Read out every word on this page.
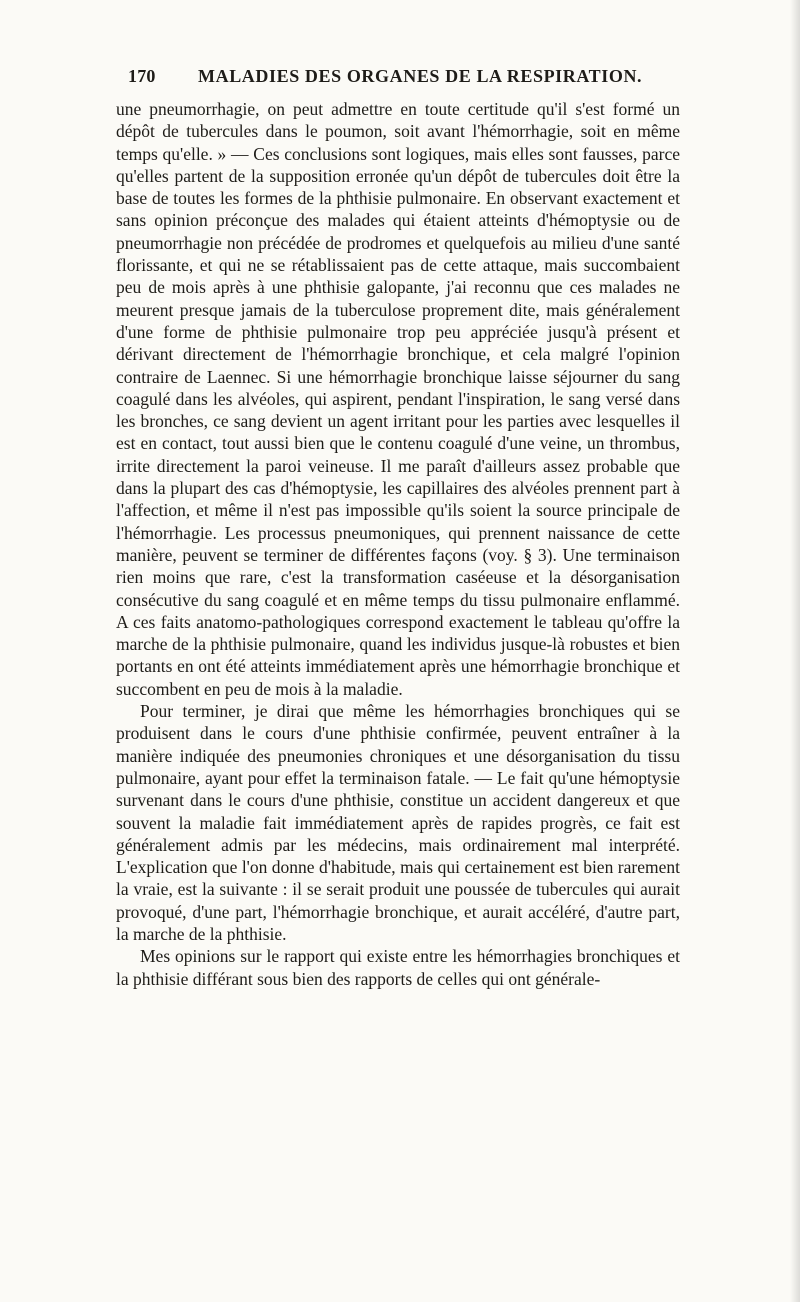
170 MALADIES DES ORGANES DE LA RESPIRATION.

une pneumorrhagie, on peut admettre en toute certitude qu'il s'est formé un dépôt de tubercules dans le poumon, soit avant l'hémorrhagie, soit en même temps qu'elle. » — Ces conclusions sont logiques, mais elles sont fausses, parce qu'elles partent de la supposition erronée qu'un dépôt de tubercules doit être la base de toutes les formes de la phthisie pulmonaire. En observant exactement et sans opinion préconçue des malades qui étaient atteints d'hémoptysie ou de pneumorrhagie non précédée de prodromes et quelquefois au milieu d'une santé florissante, et qui ne se rétablissaient pas de cette attaque, mais succombaient peu de mois après à une phthisie galopante, j'ai reconnu que ces malades ne meurent presque jamais de la tuberculose proprement dite, mais généralement d'une forme de phthisie pulmonaire trop peu appréciée jusqu'à présent et dérivant directement de l'hémorrhagie bronchique, et cela malgré l'opinion contraire de Laennec. Si une hémorrhagie bronchique laisse séjourner du sang coagulé dans les alvéoles, qui aspirent, pendant l'inspiration, le sang versé dans les bronches, ce sang devient un agent irritant pour les parties avec lesquelles il est en contact, tout aussi bien que le contenu coagulé d'une veine, un thrombus, irrite directement la paroi veineuse. Il me paraît d'ailleurs assez probable que dans la plupart des cas d'hémoptysie, les capillaires des alvéoles prennent part à l'affection, et même il n'est pas impossible qu'ils soient la source principale de l'hémorrhagie. Les processus pneumoniques, qui prennent naissance de cette manière, peuvent se terminer de différentes façons (voy. § 3). Une terminaison rien moins que rare, c'est la transformation caséeuse et la désorganisation consécutive du sang coagulé et en même temps du tissu pulmonaire enflammé. A ces faits anatomo-pathologiques correspond exactement le tableau qu'offre la marche de la phthisie pulmonaire, quand les individus jusque-là robustes et bien portants en ont été atteints immédiatement après une hémorrhagie bronchique et succombent en peu de mois à la maladie.

Pour terminer, je dirai que même les hémorrhagies bronchiques qui se produisent dans le cours d'une phthisie confirmée, peuvent entraîner à la manière indiquée des pneumonies chroniques et une désorganisation du tissu pulmonaire, ayant pour effet la terminaison fatale. — Le fait qu'une hémoptysie survenant dans le cours d'une phthisie, constitue un accident dangereux et que souvent la maladie fait immédiatement après de rapides progrès, ce fait est généralement admis par les médecins, mais ordinairement mal interprété. L'explication que l'on donne d'habitude, mais qui certainement est bien rarement la vraie, est la suivante : il se serait produit une poussée de tubercules qui aurait provoqué, d'une part, l'hémorrhagie bronchique, et aurait accéléré, d'autre part, la marche de la phthisie.

Mes opinions sur le rapport qui existe entre les hémorrhagies bronchiques et la phthisie différant sous bien des rapports de celles qui ont générale-
